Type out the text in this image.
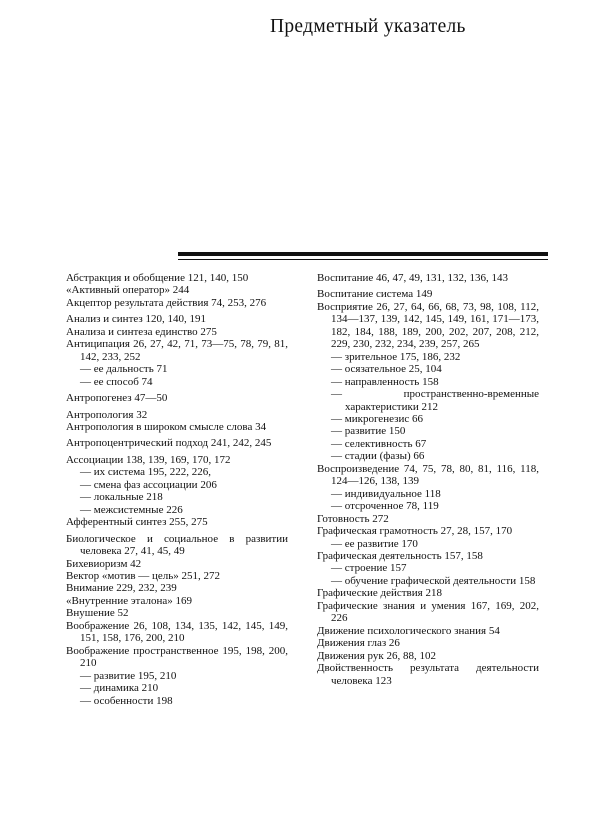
Предметный указатель
Абстракция и обобщение 121, 140, 150
«Активный оператор» 244
Акцептор результата действия 74, 253, 276
Анализ и синтез 120, 140, 191
Анализа и синтеза единство 275
Антиципация 26, 27, 42, 71, 73—75, 78, 79, 81, 142, 233, 252
— ее дальность 71
— ее способ 74
Антропогенез 47—50
Антропология 32
Антропология в широком смысле слова 34
Антропоцентрический подход 241, 242, 245
Ассоциации 138, 139, 169, 170, 172
— их система 195, 222, 226,
— смена фаз ассоциации 206
— локальные 218
— межсистемные 226
Афферентный синтез 255, 275
Биологическое и социальное в развитии человека 27, 41, 45, 49
Бихевиоризм 42
Вектор «мотив — цель» 251, 272
Внимание 229, 232, 239
«Внутренние эталона» 169
Внушение 52
Воображение 26, 108, 134, 135, 142, 145, 149, 151, 158, 176, 200, 210
Воображение пространственное 195, 198, 200, 210
— развитие 195, 210
— динамика 210
— особенности 198
Воспитание 46, 47, 49, 131, 132, 136, 143
Воспитание система 149
Восприятие 26, 27, 64, 66, 68, 73, 98, 108, 112, 134—137, 139, 142, 145, 149, 161, 171—173, 182, 184, 188, 189, 200, 202, 207, 208, 212, 229, 230, 232, 234, 239, 257, 265
— зрительное 175, 186, 232
— осязательное 25, 104
— направленность 158
— пространственно-временные характеристики 212
— микрогенезис 66
— развитие 150
— селективность 67
— стадии (фазы) 66
Воспроизведение 74, 75, 78, 80, 81, 116, 118, 124—126, 138, 139
— индивидуальное 118
— отсроченное 78, 119
Готовность 272
Графическая грамотность 27, 28, 157, 170
— ее развитие 170
Графическая деятельность 157, 158
— строение 157
— обучение графической деятельности 158
Графические действия 218
Графические знания и умения 167, 169, 202, 226
Движение психологического знания 54
Движения глаз 26
Движения рук 26, 88, 102
Двойственность результата деятельности человека 123
